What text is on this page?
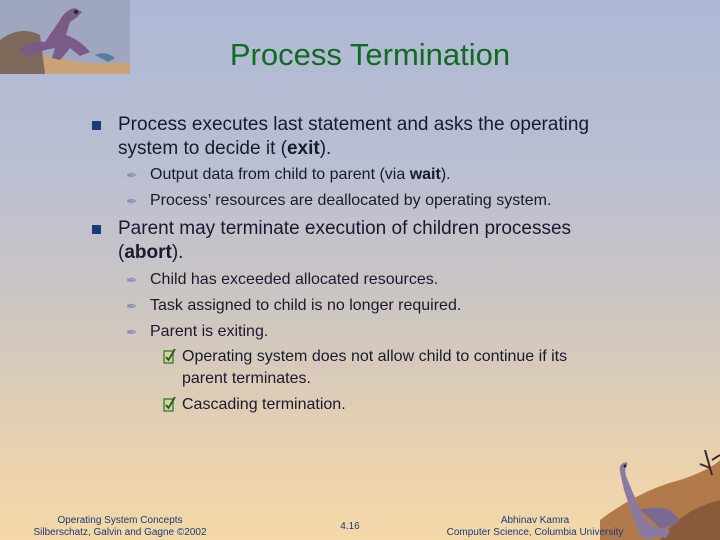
Process Termination
Process executes last statement and asks the operating
system to decide it (exit).
✒ Output data from child to parent (via wait).
✒ Process’ resources are deallocated by operating system.
Parent may terminate execution of children processes
(abort).
✒ Child has exceeded allocated resources.
✒ Task assigned to child is no longer required.
✒ Parent is exiting.
Operating system does not allow child to continue if its
parent terminates.
Cascading termination.
Operating System Concepts
Silberschatz, Galvin and Gagne ©2002
4.16
Abhinav Kamra
Computer Science, Columbia University
